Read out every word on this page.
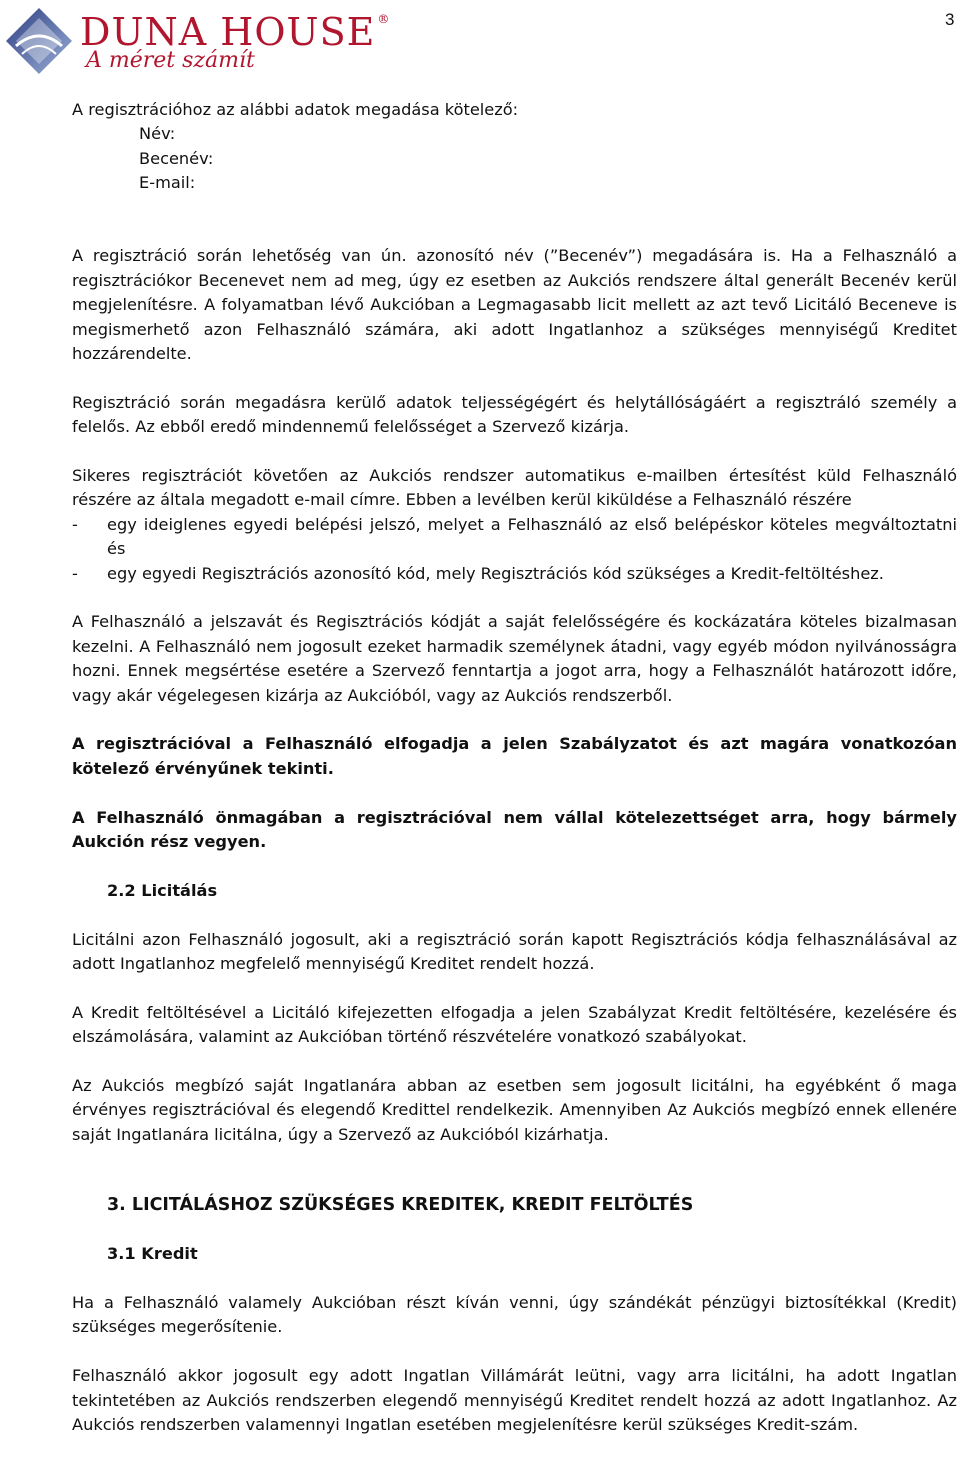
DUNA HOUSE ®
A méret számít
3
A regisztrációhoz az alábbi adatok megadása kötelező:
Név:
Becenév:
E-mail:

A regisztráció során lehetőség van ún. azonosító név (”Becenév”) megadására is. Ha a Felhasználó a regisztrációkor Becenevet nem ad meg, úgy ez esetben az Aukciós rendszere által generált Becenév kerül megjelenítésre. A folyamatban lévő Aukcióban a Legmagasabb licit mellett az azt tevő Licitáló Beceneve is megismerhető azon Felhasználó számára, aki adott Ingatlanhoz a szükséges mennyiségű Kreditet hozzárendelte.

Regisztráció során megadásra kerülő adatok teljességégért és helytállóságáért a regisztráló személy a felelős. Az ebből eredő mindennemű felelősséget a Szervező kizárja.

Sikeres regisztrációt követően az Aukciós rendszer automatikus e-mailben értesítést küld Felhasználó részére az általa megadott e-mail címre. Ebben a levélben kerül kiküldése a Felhasználó részére
-	egy ideiglenes egyedi belépési jelszó, melyet a Felhasználó az első belépéskor köteles megváltoztatni és
-	egy egyedi Regisztrációs azonosító kód, mely Regisztrációs kód szükséges a Kredit-feltöltéshez.

A Felhasználó a jelszavát és Regisztrációs kódját a saját felelősségére és kockázatára köteles bizalmasan kezelni. A Felhasználó nem jogosult ezeket harmadik személynek átadni, vagy egyéb módon nyilvánosságra hozni. Ennek megsértése esetére a Szervező fenntartja a jogot arra, hogy a Felhasználót határozott időre, vagy akár végelegesen kizárja az Aukcióból, vagy az Aukciós rendszerből.

A regisztrációval a Felhasználó elfogadja a jelen Szabályzatot és azt magára vonatkozóan kötelező érvényűnek tekinti.

A Felhasználó önmagában a regisztrációval nem vállal kötelezettséget arra, hogy bármely Aukción rész vegyen.

2.2 Licitálás

Licitálni azon Felhasználó jogosult, aki a regisztráció során kapott Regisztrációs kódja felhasználásával az adott Ingatlanhoz megfelelő mennyiségű Kreditet rendelt hozzá.

A Kredit feltöltésével a Licitáló kifejezetten elfogadja a jelen Szabályzat Kredit feltöltésére, kezelésére és elszámolására, valamint az Aukcióban történő részvételére vonatkozó szabályokat.

Az Aukciós megbízó saját Ingatlanára abban az esetben sem jogosult licitálni, ha egyébként ő maga érvényes regisztrációval és elegendő Kredittel rendelkezik. Amennyiben Az Aukciós megbízó ennek ellenére saját Ingatlanára licitálna, úgy a Szervező az Aukcióból kizárhatja.

3. LICITÁLÁSHOZ SZÜKSÉGES KREDITEK, KREDIT FELTÖLTÉS
3.1 Kredit

Ha a Felhasználó valamely Aukcióban részt kíván venni, úgy szándékát pénzügyi biztosítékkal (Kredit) szükséges megerősítenie.

Felhasználó akkor jogosult egy adott Ingatlan Villámárát leütni, vagy arra licitálni, ha adott Ingatlan tekintetében az Aukciós rendszerben elegendő mennyiségű Kreditet rendelt hozzá az adott Ingatlanhoz. Az Aukciós rendszerben valamennyi Ingatlan esetében megjelenítésre kerül szükséges Kredit-szám.
